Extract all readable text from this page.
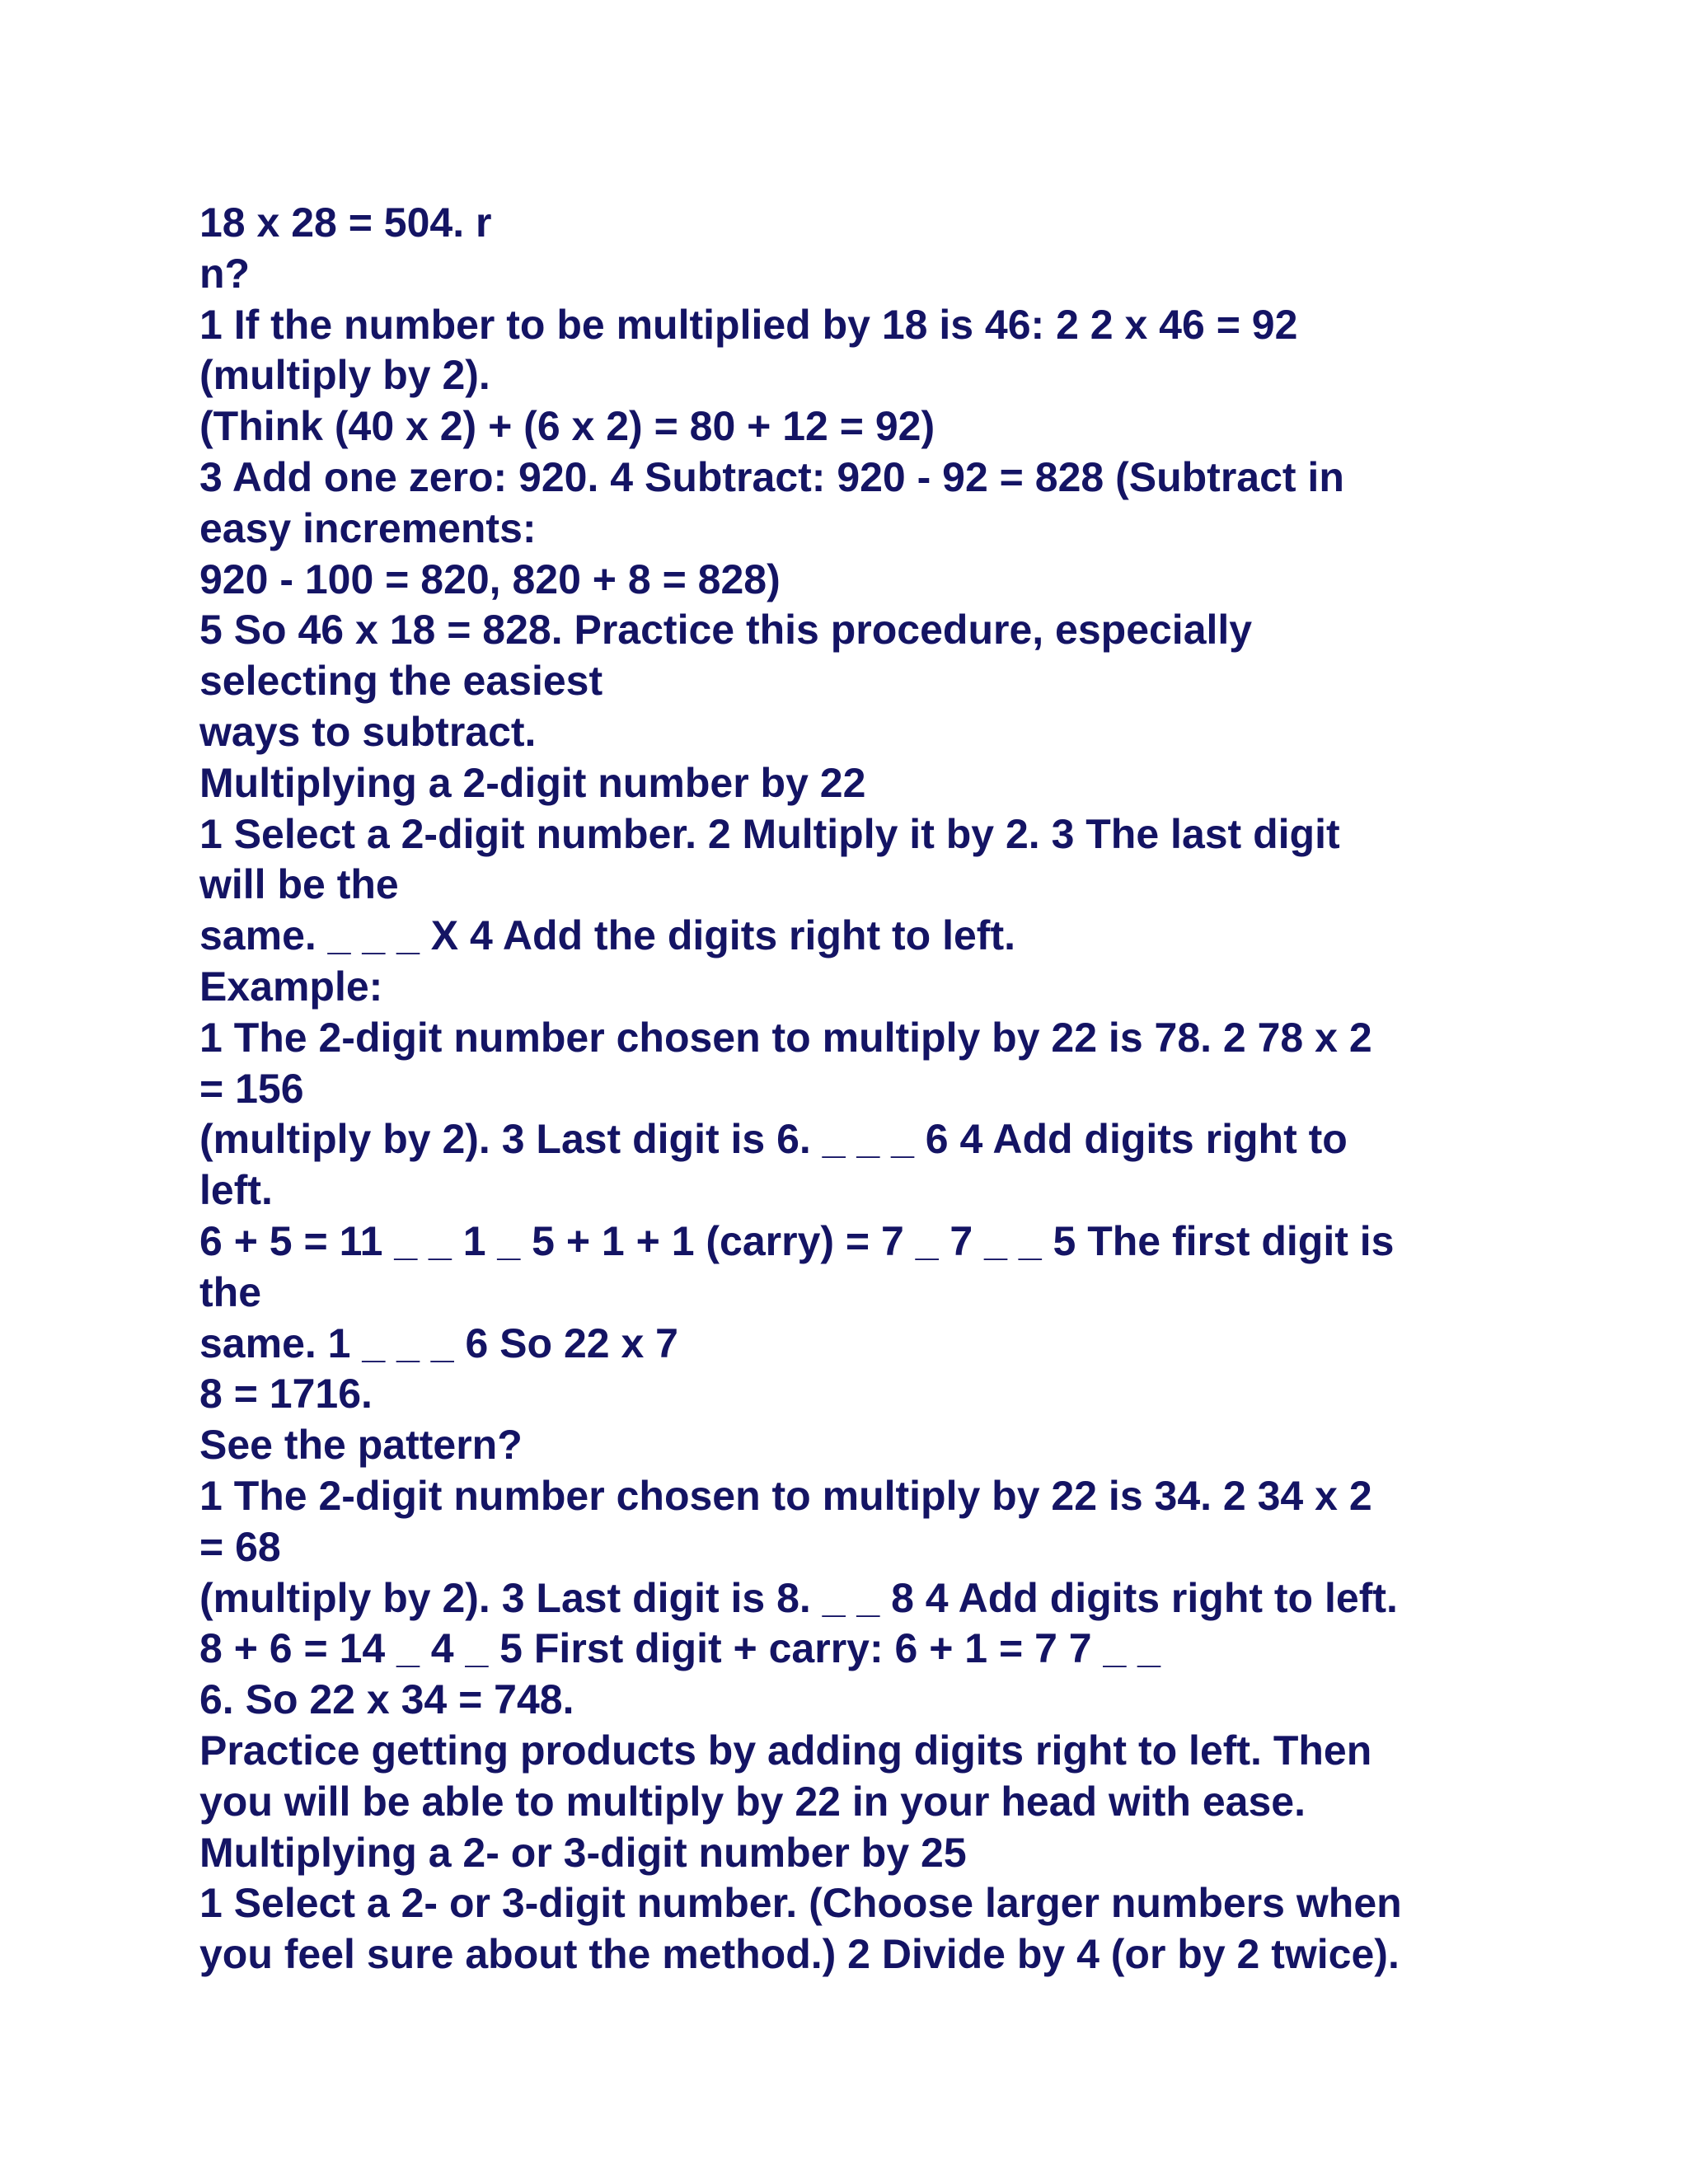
18 x 28 = 504. r

n?

1 If the number to be multiplied by 18 is 46: 2 2 x 46 = 92

(multiply by 2).

(Think (40 x 2) + (6 x 2) = 80 + 12 = 92)

3 Add one zero: 920. 4 Subtract: 920 - 92 = 828 (Subtract in

easy increments:

920 - 100 = 820, 820 + 8 = 828)

5 So 46 x 18 = 828. Practice this procedure, especially

selecting the easiest

ways to subtract.

Multiplying a 2-digit number by 22

1 Select a 2-digit number. 2 Multiply it by 2. 3 The last digit

will be the

same. _ _ _ X 4 Add the digits right to left.

Example:

1 The 2-digit number chosen to multiply by 22 is 78. 2 78 x 2

= 156

(multiply by 2). 3 Last digit is 6. _ _ _ 6 4 Add digits right to

left.

6 + 5 = 11 _ _ 1 _ 5 + 1 + 1 (carry) = 7 _ 7 _ _ 5 The first digit is

the

same. 1 _ _ _ 6 So 22 x 7

8 = 1716.

See the pattern?

1 The 2-digit number chosen to multiply by 22 is 34. 2 34 x 2

= 68

(multiply by 2). 3 Last digit is 8. _ _ 8 4 Add digits right to left.

8 + 6 = 14 _ 4 _ 5 First digit + carry: 6 + 1 = 7 7 _ _

6. So 22 x 34 = 748.

Practice getting products by adding digits right to left. Then

you will be able to multiply by 22 in your head with ease.

Multiplying a 2- or 3-digit number by 25

1 Select a 2- or 3-digit number. (Choose larger numbers when

you feel sure about the method.) 2 Divide by 4 (or by 2 twice).
